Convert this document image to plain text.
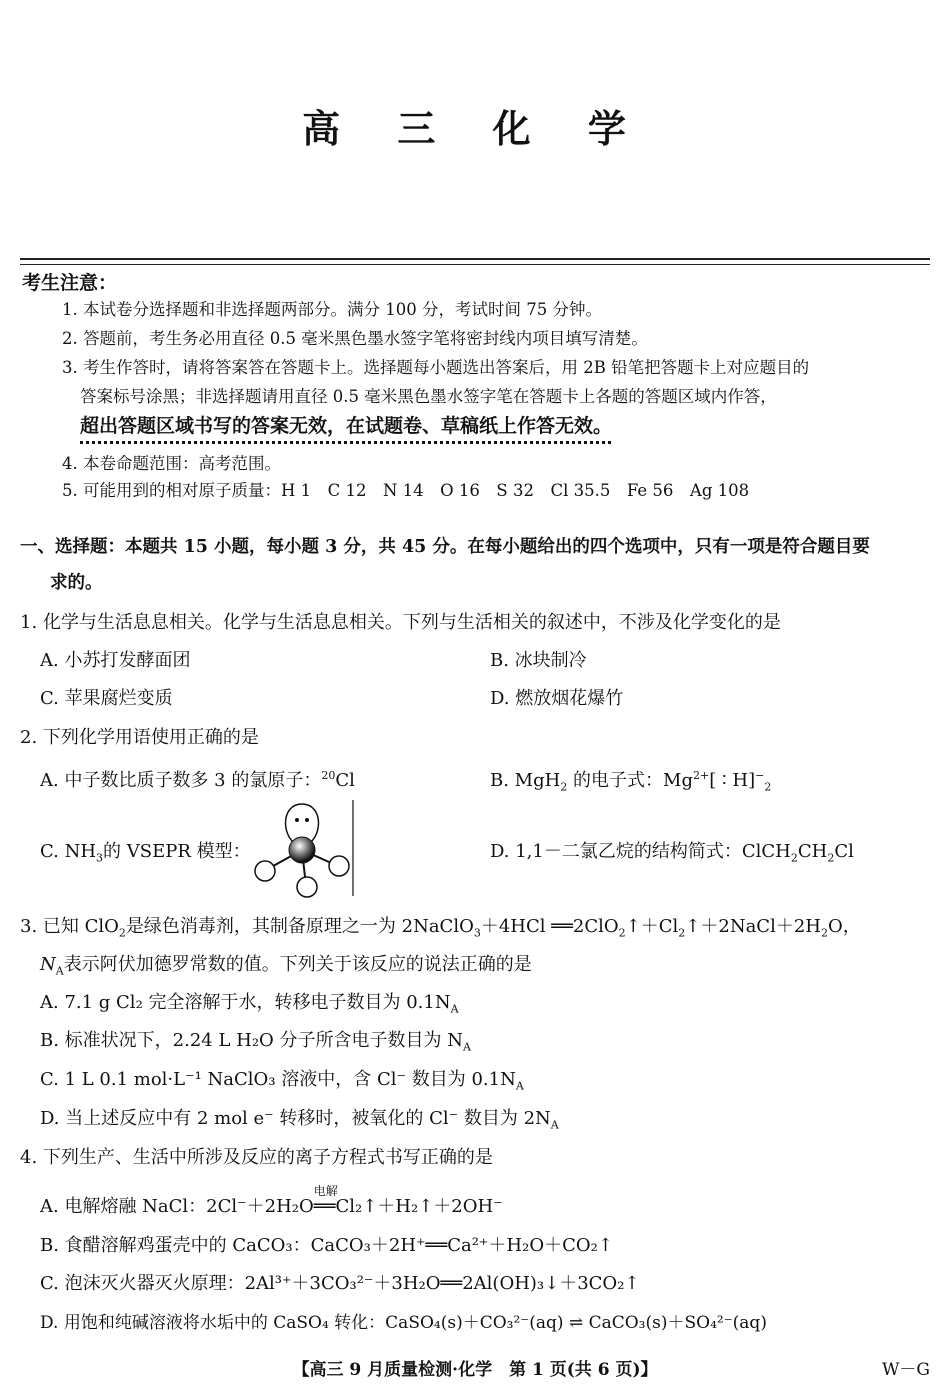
高 三 化 学
考生注意：
1. 本试卷分选择题和非选择题两部分。满分 100 分，考试时间 75 分钟。
2. 答题前，考生务必用直径 0.5 毫米黑色墨水签字笔将密封线内项目填写清楚。
3. 考生作答时，请将答案答在答题卡上。选择题每小题选出答案后，用 2B 铅笔把答题卡上对应题目的
答案标号涂黑；非选择题请用直径 0.5 毫米黑色墨水签字笔在答题卡上各题的答题区域内作答，
超出答题区域书写的答案无效，在试题卷、草稿纸上作答无效。
4. 本卷命题范围：高考范围。
5. 可能用到的相对原子质量：H 1　C 12　N 14　O 16　S 32　Cl 35.5　Fe 56　Ag 108
一、选择题：本题共 15 小题，每小题 3 分，共 45 分。在每小题给出的四个选项中，只有一项是符合题目要
求的。
1. 化学与生活息息相关。化学与生活息息相关。下列与生活相关的叙述中，不涉及化学变化的是
A. 小苏打发酵面团	B. 冰块制冷
C. 苹果腐烂变质	D. 燃放烟花爆竹
2. 下列化学用语使用正确的是
A. 中子数比质子数多 3 的氯原子：$^{20}$Cl	B. MgH$_2$ 的电子式：$Mg^{2+}$[ ∶ $H]^-_2$
C. $NH_3$的 VSEPR 模型：	D. 1,1－二氯乙烷的结构简式：$ClCH_2CH_2Cl$
3. 已知 ClO$_2$是绿色消毒剂，其制备原理之一为 2NaClO$_3$＋4HCl $══2ClO_2↑+Cl_2↑+2NaCl+2H_2O$，
$N_A$表示阿伏加德罗常数的值。下列关于该反应的说法正确的是
A. 7.1 g Cl₂ 完全溶解于水，转移电子数目为 $0.1N_A$
B. 标准状况下，2.24 L H₂O 分子所含电子数目为 $N_A$
C. 1 L 0.1 mol·L⁻¹ NaClO₃ 溶液中，含 Cl⁻ 数目为 $0.1N_A$
D. 当上述反应中有 2 mol e⁻ 转移时，被氧化的 Cl⁻ 数目为 $2N_A$
4. 下列生产、生活中所涉及反应的离子方程式书写正确的是
A. 电解熔融 NaCl：2Cl⁻＋2H₂O
电解
══Cl₂↑＋H₂↑＋2OH⁻
B. 食醋溶解鸡蛋壳中的 CaCO₃：CaCO₃＋2H⁺══Ca²⁺＋H₂O＋CO₂↑
C. 泡沫灭火器灭火原理：2Al³⁺＋3CO₃²⁻＋3H₂O══2Al(OH)₃↓＋3CO₂↑
D. 用饱和纯碱溶液将水垢中的 CaSO₄ 转化：CaSO₄(s)＋CO₃²⁻(aq) ⇌ CaCO₃(s)＋SO₄²⁻(aq)
【高三 9 月质量检测·化学　第 1 页(共 6 页)】	W－G
